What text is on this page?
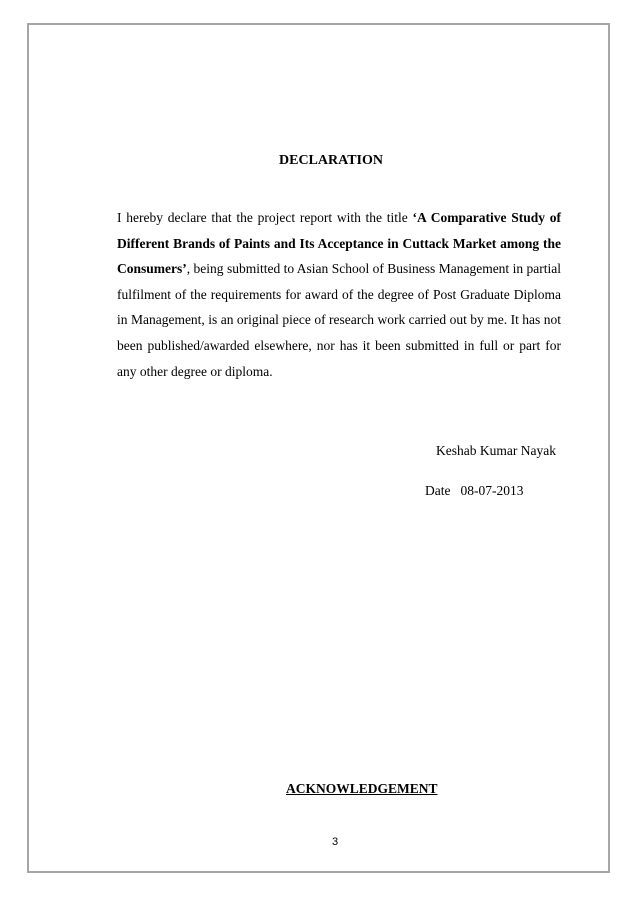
DECLARATION

I hereby declare that the project report with the title ‘A Comparative Study of Different Brands of Paints and Its Acceptance in Cuttack Market among the Consumers’, being submitted to Asian School of Business Management in partial fulfilment of the requirements for award of the degree of Post Graduate Diploma in Management, is an original piece of research work carried out by me. It has not been published/awarded elsewhere, nor has it been submitted in full or part for any other degree or diploma.

Keshab Kumar Nayak

Date 08-07-2013

ACKNOWLEDGEMENT

3
